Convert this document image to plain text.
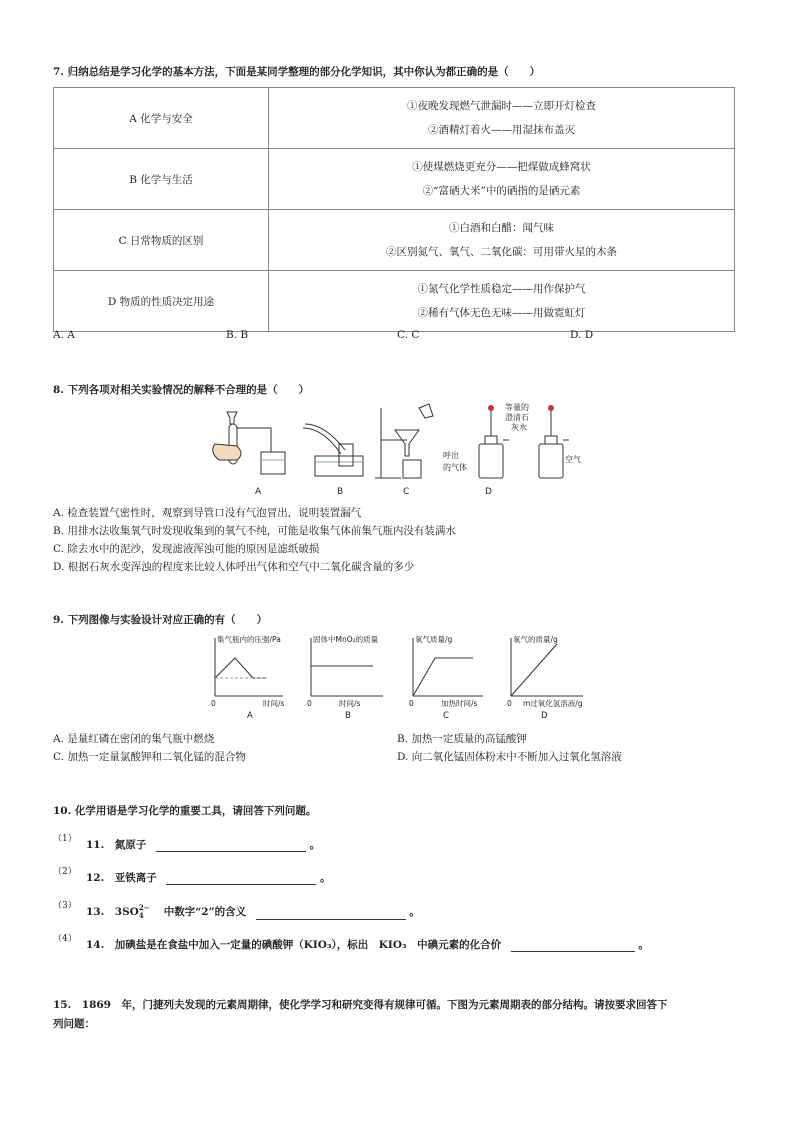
7. 归纳总结是学习化学的基本方法，下面是某同学整理的部分化学知识，其中你认为都正确的是（　　）
A 化学与安全	①夜晚发现燃气泄漏时——立即开灯检查
②酒精灯着火——用湿抹布盖灭

B 化学与生活	①使煤燃烧更充分——把煤做成蜂窝状
②“富硒大米”中的硒指的是硒元素

C 日常物质的区别	①白酒和白醋：闻气味
②区别氮气、氧气、二氧化碳：可用带火星的木条

D 物质的性质决定用途	①氮气化学性质稳定——用作保护气
②稀有气体无色无味——用做霓虹灯
A. A	B. B	C. C	D. D
8. 下列各项对相关实验情况的解释不合理的是（　　）
等量的
澄清石
灰水
呼出
的气体
空气
A	B	C	D
A. 检查装置气密性时，观察到导管口没有气泡冒出，说明装置漏气
B. 用排水法收集氧气时发现收集到的氧气不纯，可能是收集气体前集气瓶内没有装满水
C. 除去水中的泥沙，发现滤液浑浊可能的原因是滤纸破损
D. 根据石灰水变浑浊的程度来比较人体呼出气体和空气中二氧化碳含量的多少
9. 下列图像与实验设计对应正确的有（　　）
集气瓶内的压强/Pa
时间/s
0
固体中MnO₂的质量
时间/s
0
氧气质量/g
加热时间/s
0
氧气的质量/g
m过氧化氢溶液/g
0
A	B	C	D
A. 是量红磷在密闭的集气瓶中燃烧	B. 加热一定质量的高锰酸钾
C. 加热一定量氯酸钾和二氧化锰的混合物	D. 向二氧化锰固体粉末中不断加入过氧化氢溶液
10. 化学用语是学习化学的重要工具，请回答下列问题。
（1） 11.　氮原子	。
（2） 12.　亚铁离子	。
（3） 13.　3SO 2−
4 　中数字“2”的含义	。
（4） 14.　加碘盐是在食盐中加入一定量的碘酸钾（KIO₃），标出　KIO₃　中碘元素的化合价	。
15.　1869　年，门捷列夫发现的元素周期律，使化学学习和研究变得有规律可循。下图为元素周期表的部分结构。请按要求回答下
列问题：
